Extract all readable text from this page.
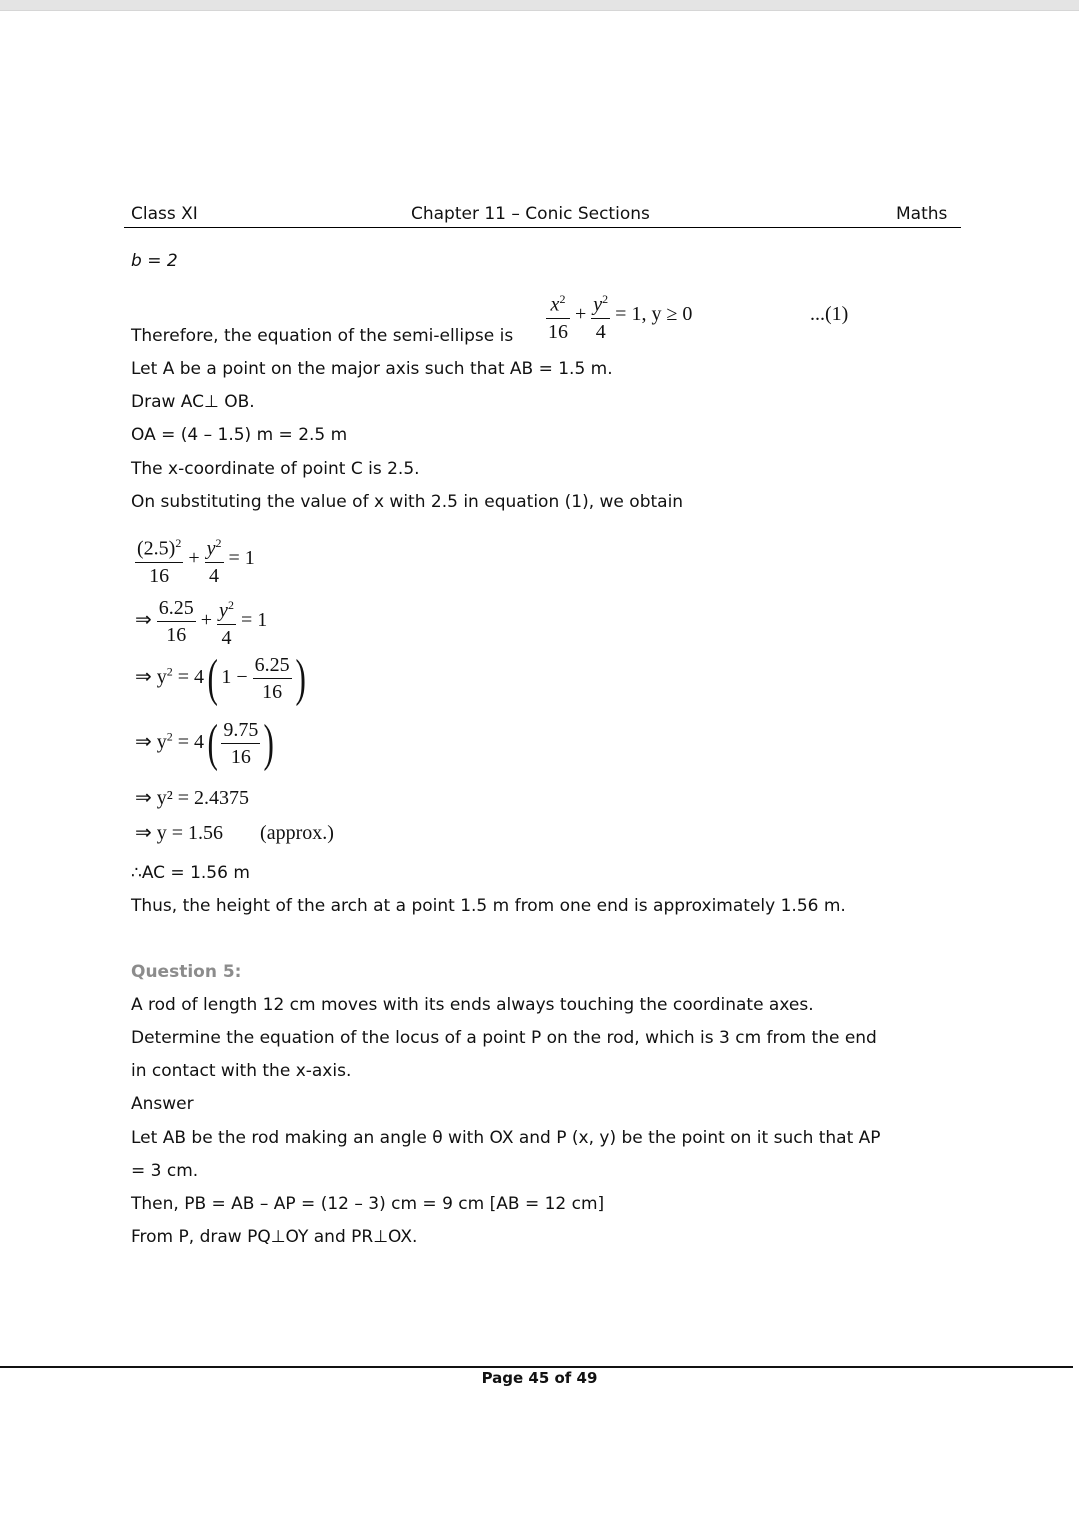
Class XI	Chapter 11 – Conic Sections	Maths
b = 2
Therefore, the equation of the semi-ellipse is $\frac{x^2}{16} + \frac{y^2}{4} = 1$, y ≥ 0	...(1)
Let A be a point on the major axis such that AB = 1.5 m.
Draw AC⊥ OB.
OA = (4 – 1.5) m = 2.5 m
The x-coordinate of point C is 2.5.
On substituting the value of x with 2.5 in equation (1), we obtain
$\frac{(2.5)^2}{16} + \frac{y^2}{4} = 1$
⇒ $\frac{6.25}{16} + \frac{y^2}{4} = 1$
⇒ $y^2 = 4$( $1 - \frac{6.25}{16}$ )
⇒ $y^2 = 4( \frac{9.75}{16}$ )
⇒ y² = 2.4375
⇒ y = 1.56 (approx.)
∴AC = 1.56 m
Thus, the height of the arch at a point 1.5 m from one end is approximately 1.56 m.
Question 5:
A rod of length 12 cm moves with its ends always touching the coordinate axes.
Determine the equation of the locus of a point P on the rod, which is 3 cm from the end
in contact with the x-axis.
Answer
Let AB be the rod making an angle θ with OX and P (x, y) be the point on it such that AP
= 3 cm.
Then, PB = AB – AP = (12 – 3) cm = 9 cm [AB = 12 cm]
From P, draw PQ⊥OY and PR⊥OX.
Page 45 of 49
